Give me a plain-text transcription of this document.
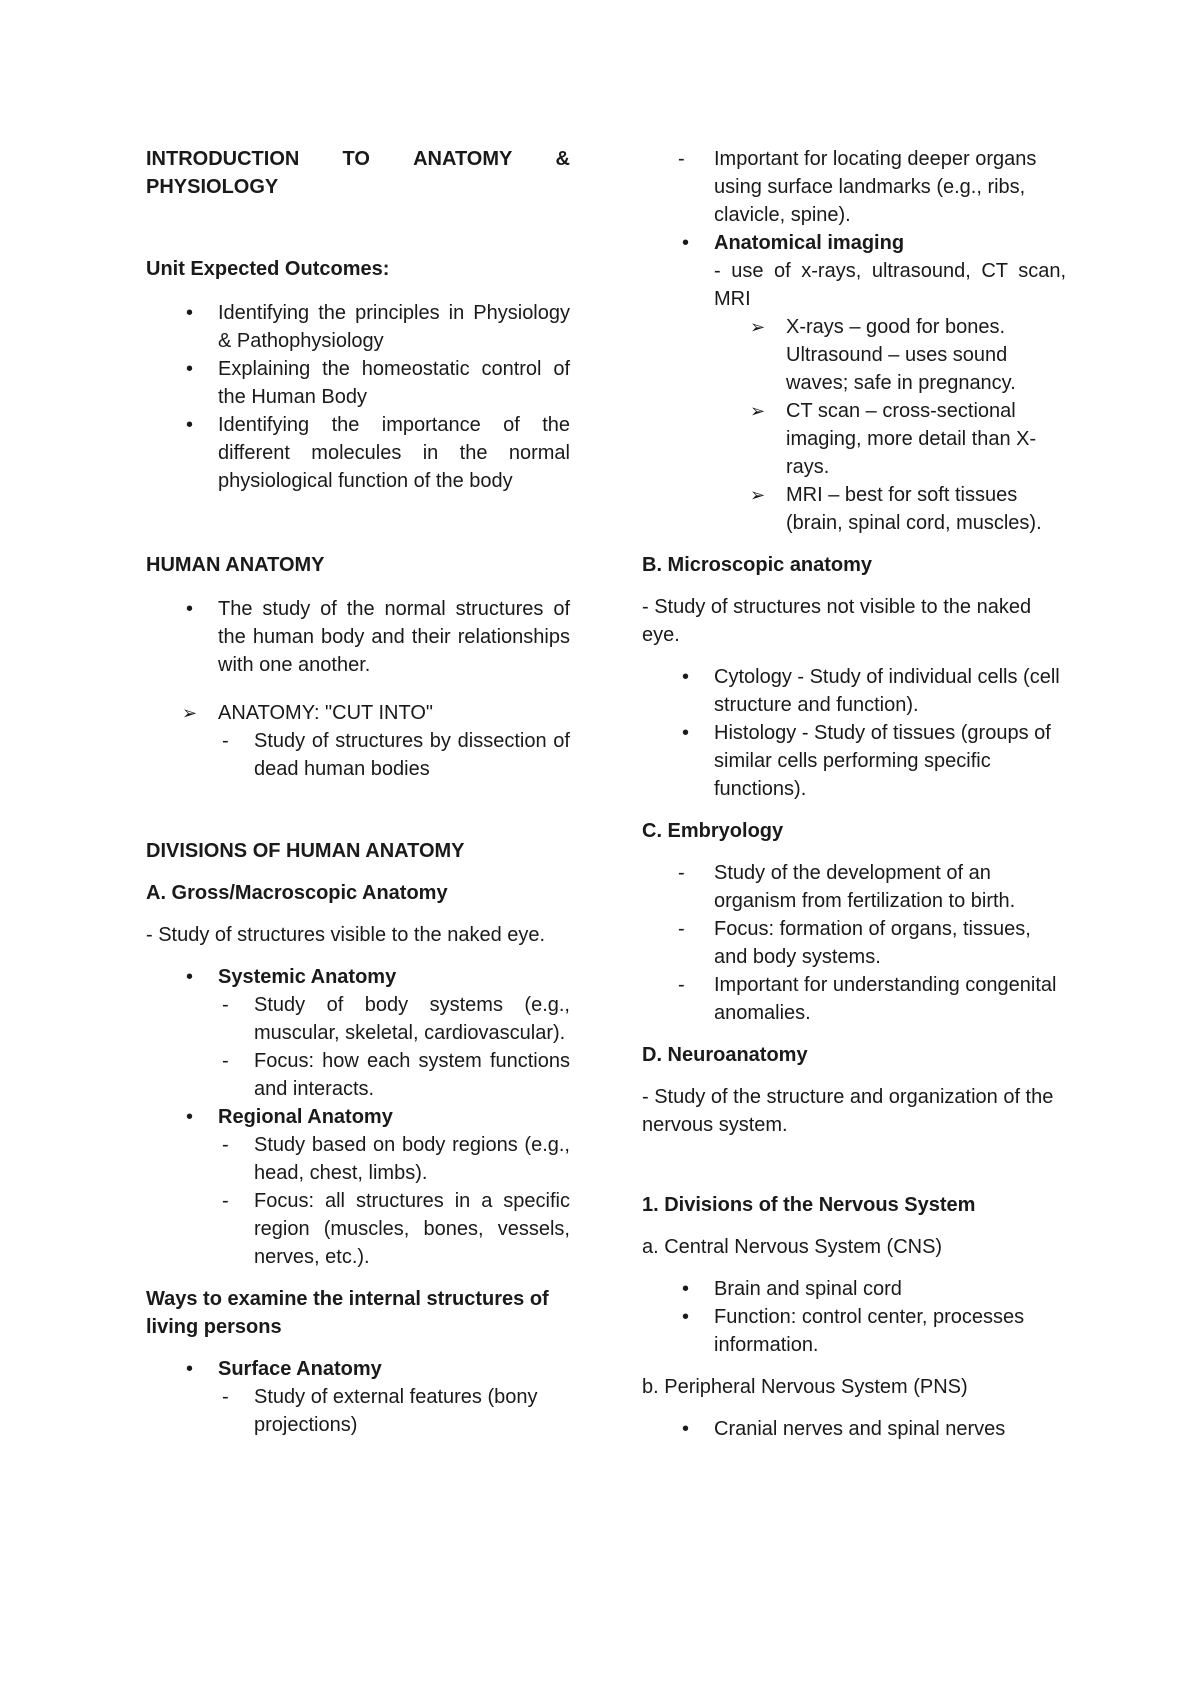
INTRODUCTION TO ANATOMY &
PHYSIOLOGY

Unit Expected Outcomes:

• Identifying the principles in Physiology & Pathophysiology
• Explaining the homeostatic control of the Human Body
• Identifying the importance of the different molecules in the normal physiological function of the body

HUMAN ANATOMY

• The study of the normal structures of the human body and their relationships with one another.
➢ ANATOMY: "CUT INTO"
- Study of structures by dissection of dead human bodies

DIVISIONS OF HUMAN ANATOMY

A. Gross/Macroscopic Anatomy

- Study of structures visible to the naked eye.

• Systemic Anatomy
- Study of body systems (e.g., muscular, skeletal, cardiovascular).
- Focus: how each system functions and interacts.
• Regional Anatomy
- Study based on body regions (e.g., head, chest, limbs).
- Focus: all structures in a specific region (muscles, bones, vessels, nerves, etc.).

Ways to examine the internal structures of living persons

• Surface Anatomy
- Study of external features (bony projections)
- Important for locating deeper organs using surface landmarks (e.g., ribs, clavicle, spine).
• Anatomical imaging

- use of x-rays, ultrasound, CT scan, MRI

➢ X-rays – good for bones. Ultrasound – uses sound waves; safe in pregnancy.
➢ CT scan – cross-sectional imaging, more detail than X-rays.
➢ MRI – best for soft tissues (brain, spinal cord, muscles).

B. Microscopic anatomy

- Study of structures not visible to the naked eye.

• Cytology - Study of individual cells (cell structure and function).
• Histology - Study of tissues (groups of similar cells performing specific functions).

C. Embryology

- Study of the development of an organism from fertilization to birth.
- Focus: formation of organs, tissues, and body systems.
- Important for understanding congenital anomalies.

D. Neuroanatomy

- Study of the structure and organization of the nervous system.

1. Divisions of the Nervous System

a. Central Nervous System (CNS)

• Brain and spinal cord
• Function: control center, processes information.

b. Peripheral Nervous System (PNS)

• Cranial nerves and spinal nerves
